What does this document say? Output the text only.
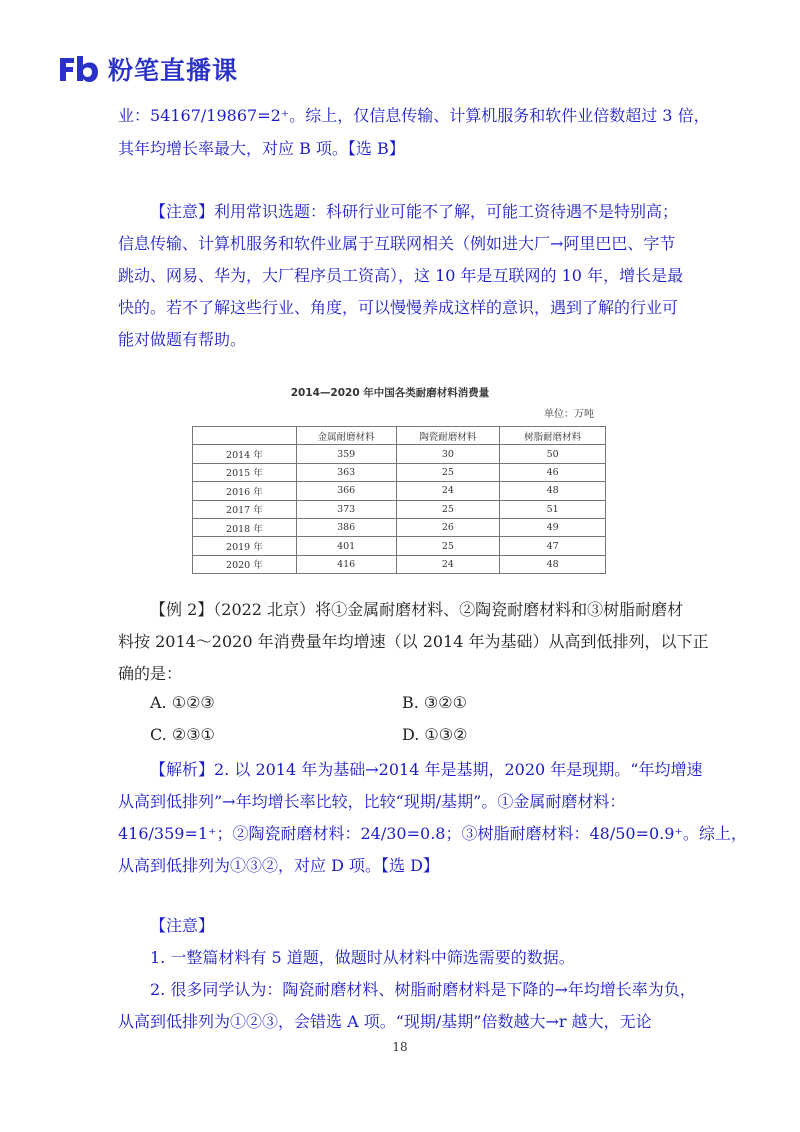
粉笔直播课
业：54167/19867=2⁺。综上，仅信息传输、计算机服务和软件业倍数超过 3 倍，
其年均增长率最大，对应 B 项。【选 B】
【注意】利用常识选题：科研行业可能不了解，可能工资待遇不是特别高；
信息传输、计算机服务和软件业属于互联网相关（例如进大厂→阿里巴巴、字节
跳动、网易、华为，大厂程序员工资高），这 10 年是互联网的 10 年，增长是最
快的。若不了解这些行业、角度，可以慢慢养成这样的意识，遇到了解的行业可
能对做题有帮助。
2014—2020 年中国各类耐磨材料消费量
单位：万吨
	金属耐磨材料	陶瓷耐磨材料	树脂耐磨材料
2014 年	359	30	50
2015 年	363	25	46
2016 年	366	24	48
2017 年	373	25	51
2018 年	386	26	49
2019 年	401	25	47
2020 年	416	24	48
【例 2】（2022 北京）将①金属耐磨材料、②陶瓷耐磨材料和③树脂耐磨材
料按 2014～2020 年消费量年均增速（以 2014 年为基础）从高到低排列，以下正
确的是：
A. ①②③	B. ③②①
C. ②③①	D. ①③②
【解析】2. 以 2014 年为基础→2014 年是基期，2020 年是现期。“年均增速
从高到低排列”→年均增长率比较，比较“现期/基期”。①金属耐磨材料：
416/359=1⁺；②陶瓷耐磨材料：24/30=0.8；③树脂耐磨材料：48/50=0.9⁺。综上，
从高到低排列为①③②，对应 D 项。【选 D】
【注意】
1. 一整篇材料有 5 道题，做题时从材料中筛选需要的数据。
2. 很多同学认为：陶瓷耐磨材料、树脂耐磨材料是下降的→年均增长率为负，
从高到低排列为①②③，会错选 A 项。“现期/基期”倍数越大→r 越大，无论
18
